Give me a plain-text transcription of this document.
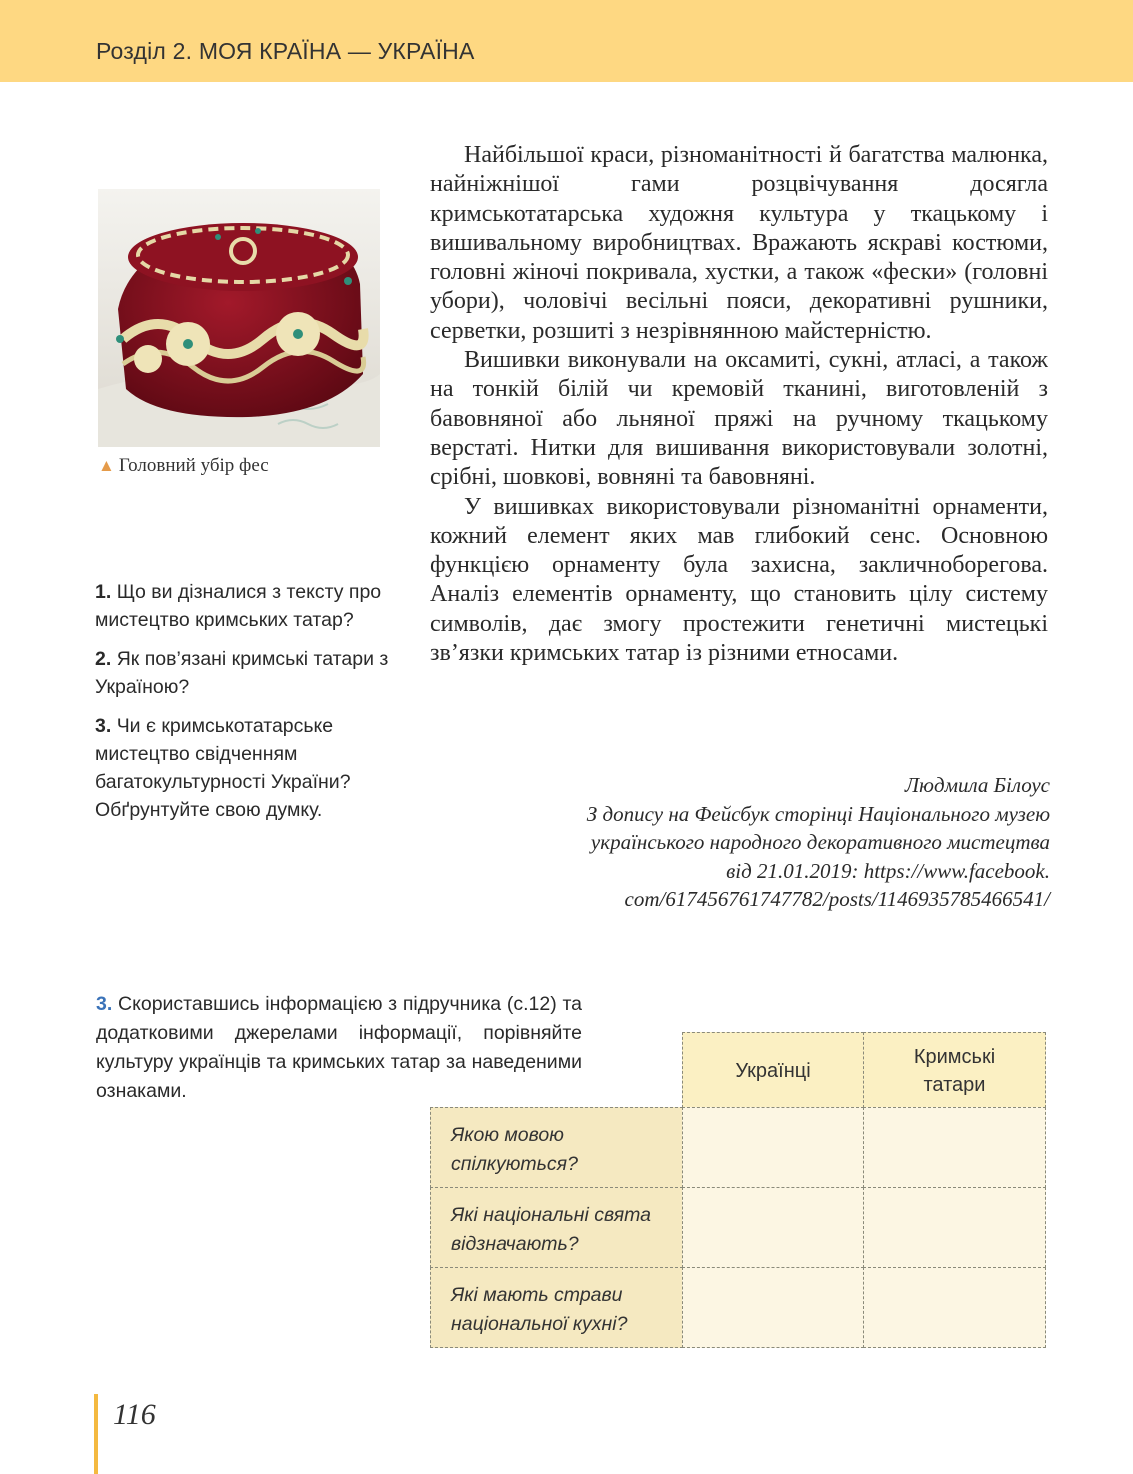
Розділ 2. МОЯ КРАЇНА — УКРАЇНА
▲ Головний убір фес
1. Що ви дізналися з тексту про мистецтво кримських татар?
2. Як пов’язані кримські татари з Україною?
3. Чи є кримськотатарське мистецтво свідченням багатокультурності України? Обґрунтуйте свою думку.

Найбільшої краси, різноманітності й багатства малюнка, найніжнішої гами розцвічування досягла кримськотатарська художня культура у ткацькому і вишивальному виробництвах. Вражають яскраві костюми, головні жіночі покривала, хустки, а також «фески» (головні убори), чоловічі весільні пояси, декоративні рушники, серветки, розшиті з незрівнянною майстерністю.

Вишивки виконували на оксамиті, сукні, атласі, а також на тонкій білій чи кремовій тканині, виготовленій з бавовняної або льняної пряжі на ручному ткацькому верстаті. Нитки для вишивання використовували золотні, срібні, шовкові, вовняні та бавовняні.

У вишивках використовували різноманітні орнаменти, кожний елемент яких мав глибокий сенс. Основною функцією орнаменту була захисна, закличноборегова. Аналіз елементів орнаменту, що становить цілу систему символів, дає змогу простежити генетичні мистецькі зв’язки кримських татар із різними етносами.

Людмила Білоус
З допису на Фейсбук сторінці Національного музею
українського народного декоративного мистецтва
від 21.01.2019: https://www.facebook.
com/617456761747782/posts/1146935785466541/
3. Скориставшись інформацією з підручника (с.12) та додатковими джерелами інформації, порівняйте культуру українців та кримських татар за наведеними ознаками.
Українці
Кримські татари
Якою мовою спілкуються?
Які національні свята відзначають?
Які мають страви національної кухні?
116
